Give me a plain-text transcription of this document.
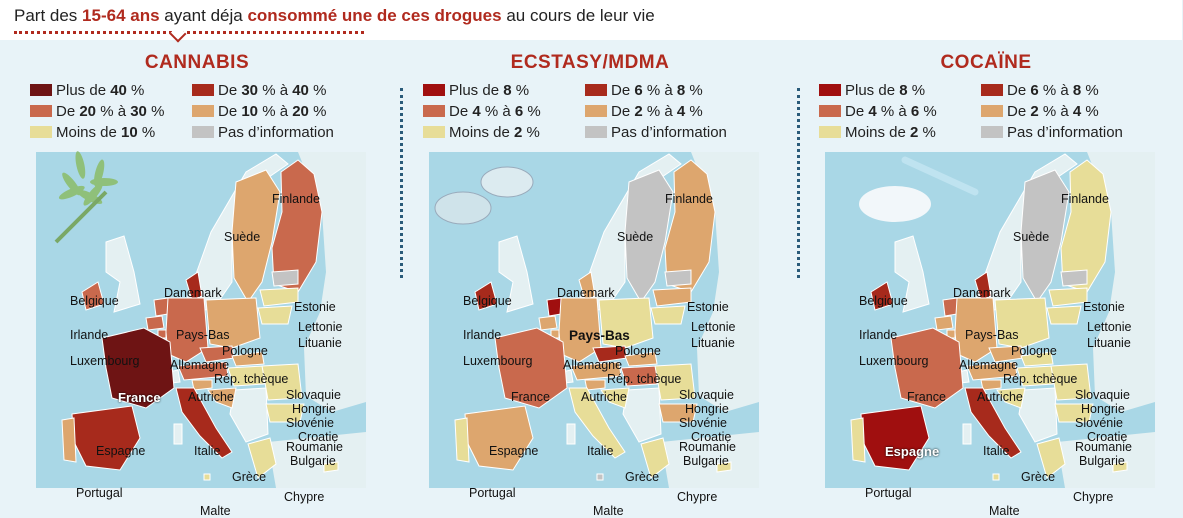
Part des 15-64 ans ayant déja consommé une de ces drogues au cours de leur vie
CANNABIS
Plus de 40 %	De 30 % à 40 %
De 20 % à 30 %	De 10 % à 20 %
Moins de 10 %	Pas d’information
Finlande
Suède
Danemark
Estonie
Lettonie
Lituanie
Belgique
Irlande	Pays-Bas
Luxembourg Allemagne
Pologne
Rép. tchèque
France	Slovaquie
Autriche
Hongrie
Slovénie
Croatie
Roumanie
Espagne
Bulgarie
Italie
Grèce
Portugal	Chypre
Malte
ECSTASY/MDMA
Plus de 8 %	De 6 % à 8 %
De 4 % à 6 %	De 2 % à 4 %
Moins de 2 %	Pas d’information
Finlande
Suède
Danemark
Estonie
Lettonie
Lituanie
Belgique
Irlande	Pays-Bas
Luxembourg Allemagne
Pologne
Rép. tchèque
France	Slovaquie
Autriche
Hongrie
Slovénie
Croatie
Roumanie
Espagne
Bulgarie
Italie
Grèce
Portugal	Chypre
Malte
COCAÏNE
Plus de 8 %	De 6 % à 8 %
De 4 % à 6 %	De 2 % à 4 %
Moins de 2 %	Pas d’information
Finlande
Suède
Danemark
Estonie
Lettonie
Lituanie
Belgique
Irlande	Pays-Bas
Luxembourg Allemagne
Pologne
Rép. tchèque
France	Slovaquie
Autriche
Hongrie
Slovénie
Croatie
Roumanie
Espagne
Bulgarie
Italie
Grèce
Portugal	Chypre
Malte
